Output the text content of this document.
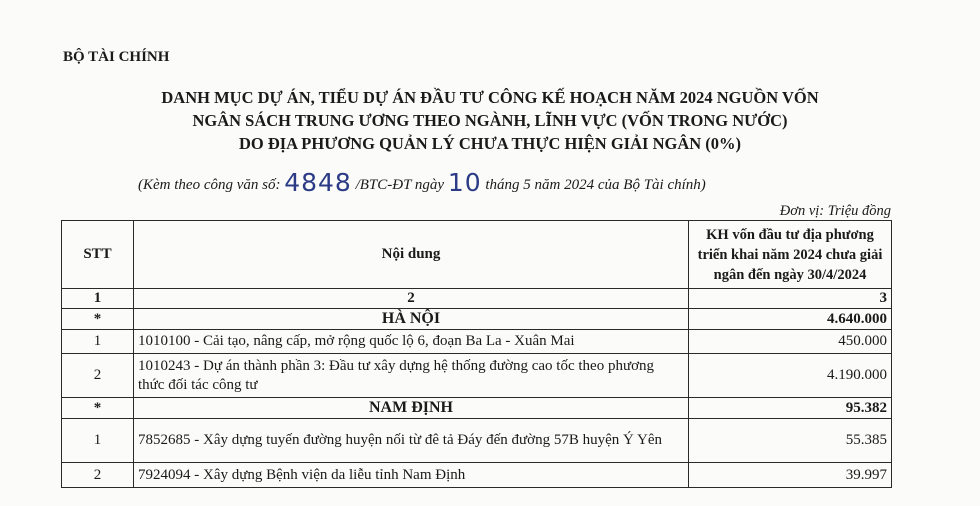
BỘ TÀI CHÍNH
DANH MỤC DỰ ÁN, TIỂU DỰ ÁN ĐẦU TƯ CÔNG KẾ HOẠCH NĂM 2024 NGUỒN VỐN
NGÂN SÁCH TRUNG ƯƠNG THEO NGÀNH, LĨNH VỰC (VỐN TRONG NƯỚC)
DO ĐỊA PHƯƠNG QUẢN LÝ CHƯA THỰC HIỆN GIẢI NGÂN (0%)
(Kèm theo công văn số: 4848 /BTC-ĐT ngày 10 tháng 5 năm 2024 của Bộ Tài chính)
Đơn vị: Triệu đồng
STT	Nội dung	KH vốn đầu tư địa phương triển khai năm 2024 chưa giải ngân đến ngày 30/4/2024
1	2	3
*	HÀ NỘI	4.640.000
1	1010100 - Cải tạo, nâng cấp, mở rộng quốc lộ 6, đoạn Ba La - Xuân Mai	450.000
2	1010243 - Dự án thành phần 3: Đầu tư xây dựng hệ thống đường cao tốc theo phương thức đối tác công tư	4.190.000
*	NAM ĐỊNH	95.382
1	7852685 - Xây dựng tuyến đường huyện nối từ đê tả Đáy đến đường 57B huyện Ý Yên	55.385
2	7924094 - Xây dựng Bệnh viện da liễu tỉnh Nam Định	39.997
